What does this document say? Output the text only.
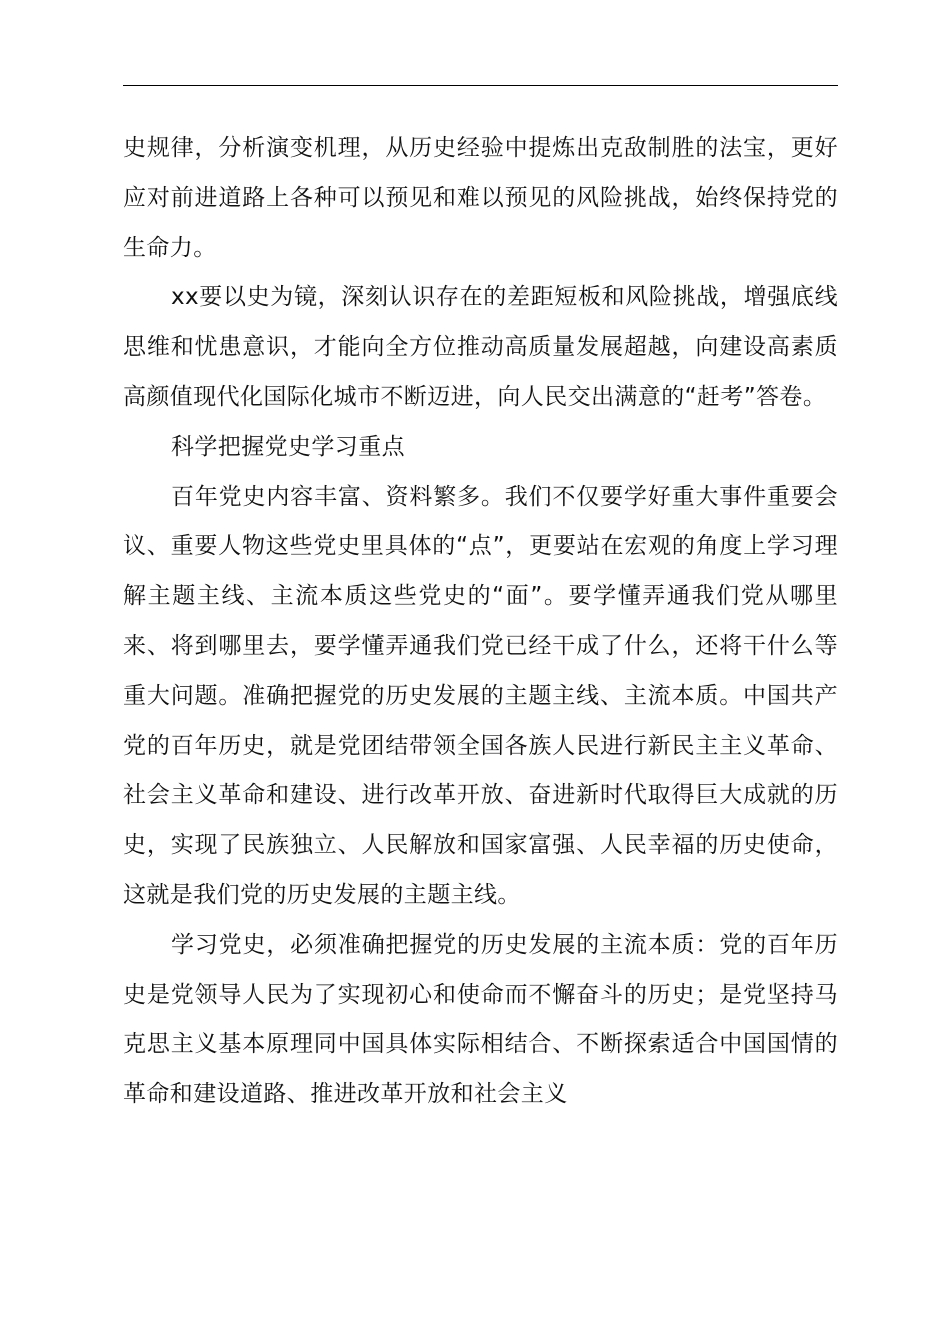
史规律，分析演变机理，从历史经验中提炼出克敌制胜的法宝，更好应对前进道路上各种可以预见和难以预见的风险挑战，始终保持党的生命力。

xx要以史为镜，深刻认识存在的差距短板和风险挑战，增强底线思维和忧患意识，才能向全方位推动高质量发展超越，向建设高素质高颜值现代化国际化城市不断迈进，向人民交出满意的“赶考”答卷。

科学把握党史学习重点

百年党史内容丰富、资料繁多。我们不仅要学好重大事件重要会议、重要人物这些党史里具体的“点”，更要站在宏观的角度上学习理解主题主线、主流本质这些党史的“面”。要学懂弄通我们党从哪里来、将到哪里去，要学懂弄通我们党已经干成了什么，还将干什么等重大问题。准确把握党的历史发展的主题主线、主流本质。中国共产党的百年历史，就是党团结带领全国各族人民进行新民主主义革命、社会主义革命和建设、进行改革开放、奋进新时代取得巨大成就的历史，实现了民族独立、人民解放和国家富强、人民幸福的历史使命，这就是我们党的历史发展的主题主线。

学习党史，必须准确把握党的历史发展的主流本质：党的百年历史是党领导人民为了实现初心和使命而不懈奋斗的历史；是党坚持马克思主义基本原理同中国具体实际相结合、不断探索适合中国国情的革命和建设道路、推进改革开放和社会主义
